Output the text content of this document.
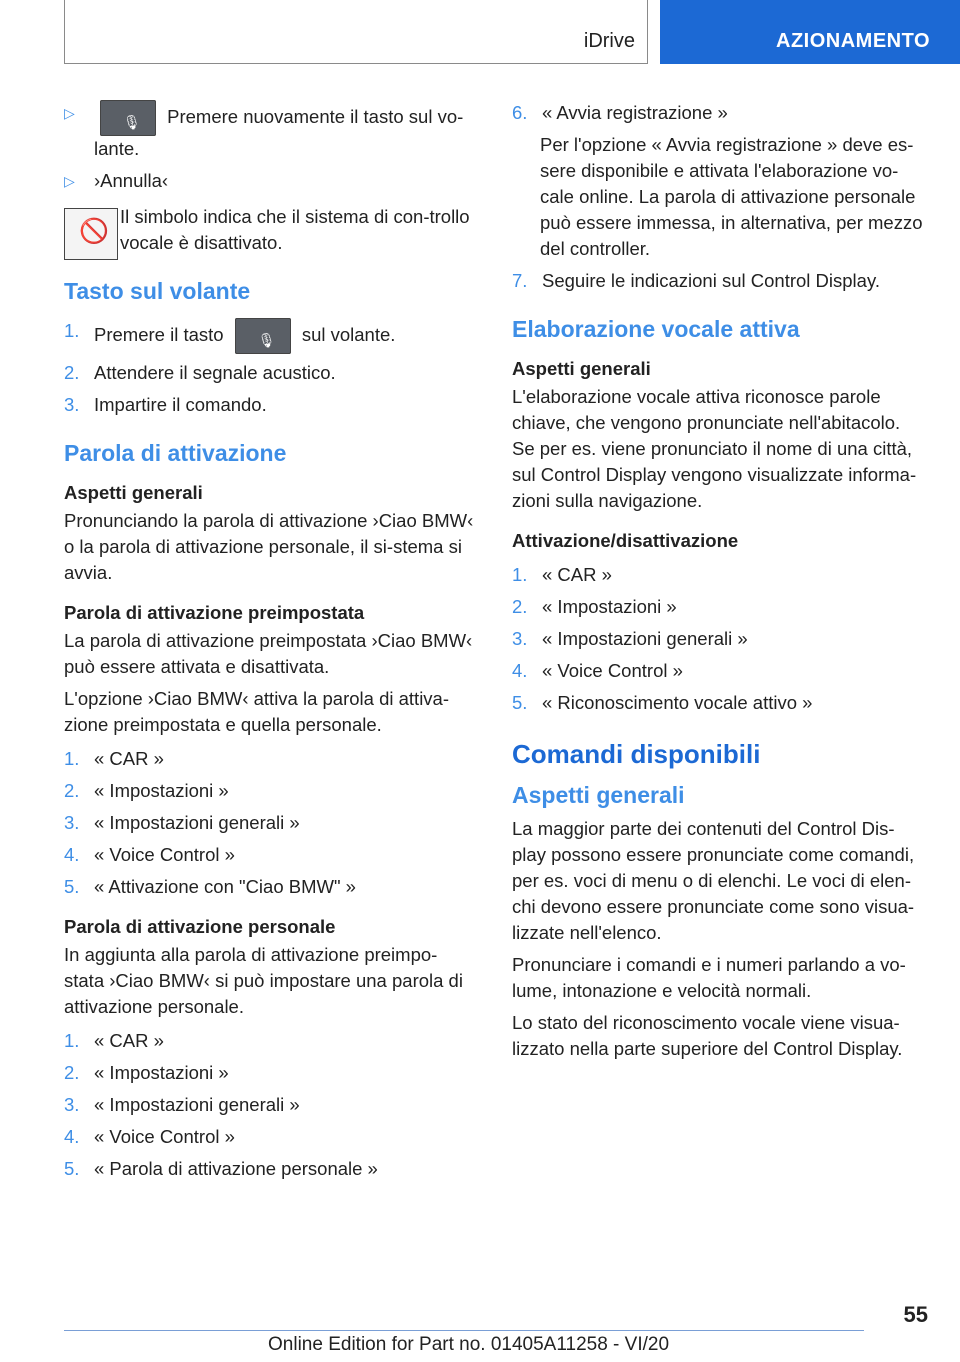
iDrive	AZIONAMENTO
▷
🎙 Premere nuovamente il tasto sul vo-lante.
▷ ›Annulla‹
🚫

Il simbolo indica che il sistema di con-trollo vocale è disattivato.

Tasto sul volante
1. Premere il tasto 🎙 sul volante.
2. Attendere il segnale acustico.
3. Impartire il comando.
Parola di attivazione
Aspetti generali

Pronunciando la parola di attivazione ›Ciao BMW‹ o la parola di attivazione personale, il si-stema si avvia.

Parola di attivazione preimpostata

La parola di attivazione preimpostata ›Ciao BMW‹ può essere attivata e disattivata.

L'opzione ›Ciao BMW‹ attiva la parola di attiva-zione preimpostata e quella personale.

1. « CAR »
2. « Impostazioni »
3. « Impostazioni generali »
4. « Voice Control »
5. « Attivazione con "Ciao BMW" »
Parola di attivazione personale

In aggiunta alla parola di attivazione preimpo-stata ›Ciao BMW‹ si può impostare una parola di attivazione personale.

1. « CAR »
2. « Impostazioni »
3. « Impostazioni generali »
4. « Voice Control »
5. « Parola di attivazione personale »
6. « Avvia registrazione »

Per l'opzione « Avvia registrazione » deve es-sere disponibile e attivata l'elaborazione vo-cale online. La parola di attivazione personale può essere immessa, in alternativa, per mezzo del controller.

7. Seguire le indicazioni sul Control Display.
Elaborazione vocale attiva
Aspetti generali

L'elaborazione vocale attiva riconosce parole chiave, che vengono pronunciate nell'abitacolo. Se per es. viene pronunciato il nome di una città, sul Control Display vengono visualizzate informa-zioni sulla navigazione.

Attivazione/disattivazione
1. « CAR »
2. « Impostazioni »
3. « Impostazioni generali »
4. « Voice Control »
5. « Riconoscimento vocale attivo »
Comandi disponibili
Aspetti generali

La maggior parte dei contenuti del Control Dis-play possono essere pronunciate come comandi, per es. voci di menu o di elenchi. Le voci di elen-chi devono essere pronunciate come sono visua-lizzate nell'elenco.

Pronunciare i comandi e i numeri parlando a vo-lume, intonazione e velocità normali.

Lo stato del riconoscimento vocale viene visua-lizzato nella parte superiore del Control Display.

55
Online Edition for Part no. 01405A11258 - VI/20
